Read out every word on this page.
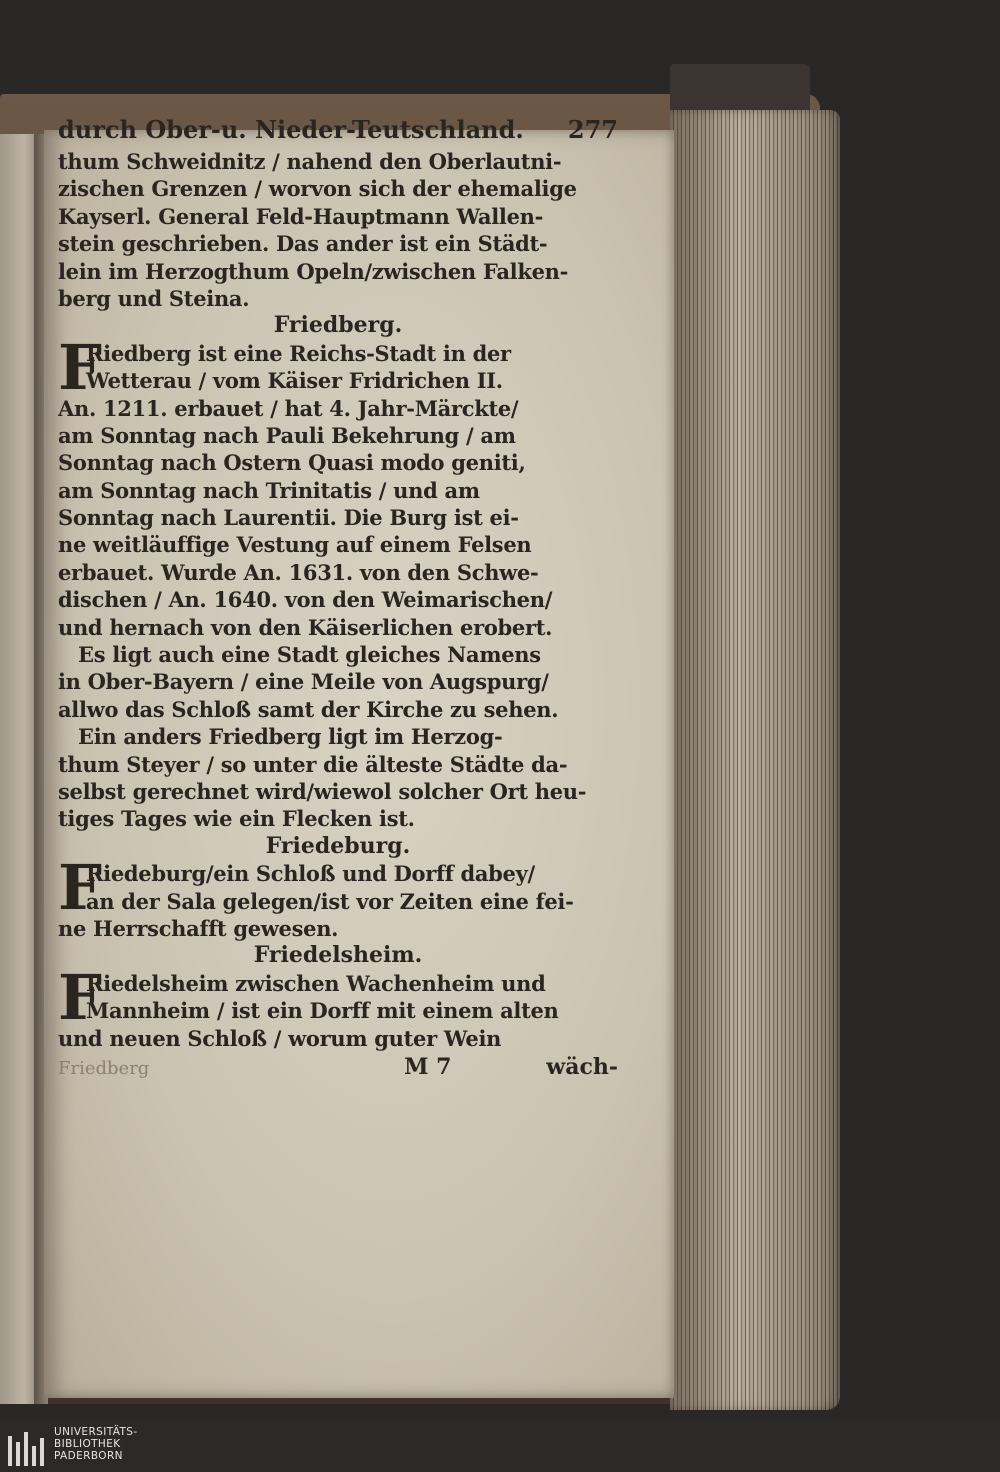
durch Ober-u. Nieder-Teutschland. 277
thum Schweidnitz / nahend den Oberlautni-
zischen Grenzen / worvon sich der ehemalige
Kayserl. General Feld-Hauptmann Wallen-
stein geschrieben. Das ander ist ein Städt-
lein im Herzogthum Opeln/zwischen Falken-
berg und Steina.
Friedberg.
F
Riedberg ist eine Reichs-Stadt in der
Wetterau / vom Käiser Fridrichen II.
An. 1211. erbauet / hat 4. Jahr-Märckte/
am Sonntag nach Pauli Bekehrung / am
Sonntag nach Ostern Quasi modo geniti,
am Sonntag nach Trinitatis / und am
Sonntag nach Laurentii. Die Burg ist ei-
ne weitläuffige Vestung auf einem Felsen
erbauet. Wurde An. 1631. von den Schwe-
dischen / An. 1640. von den Weimarischen/
und hernach von den Käiserlichen erobert.
Es ligt auch eine Stadt gleiches Namens
in Ober-Bayern / eine Meile von Augspurg/
allwo das Schloß samt der Kirche zu sehen.
Ein anders Friedberg ligt im Herzog-
thum Steyer / so unter die älteste Städte da-
selbst gerechnet wird/wiewol solcher Ort heu-
tiges Tages wie ein Flecken ist.
Friedeburg.
F
Riedeburg/ein Schloß und Dorff dabey/
an der Sala gelegen/ist vor Zeiten eine fei-
ne Herrschafft gewesen.
Friedelsheim.
F
Riedelsheim zwischen Wachenheim und
Mannheim / ist ein Dorff mit einem alten
und neuen Schloß / worum guter Wein
Friedberg	M 7	wäch-
UNIVERSITÄTS-
BIBLIOTHEK
PADERBORN
